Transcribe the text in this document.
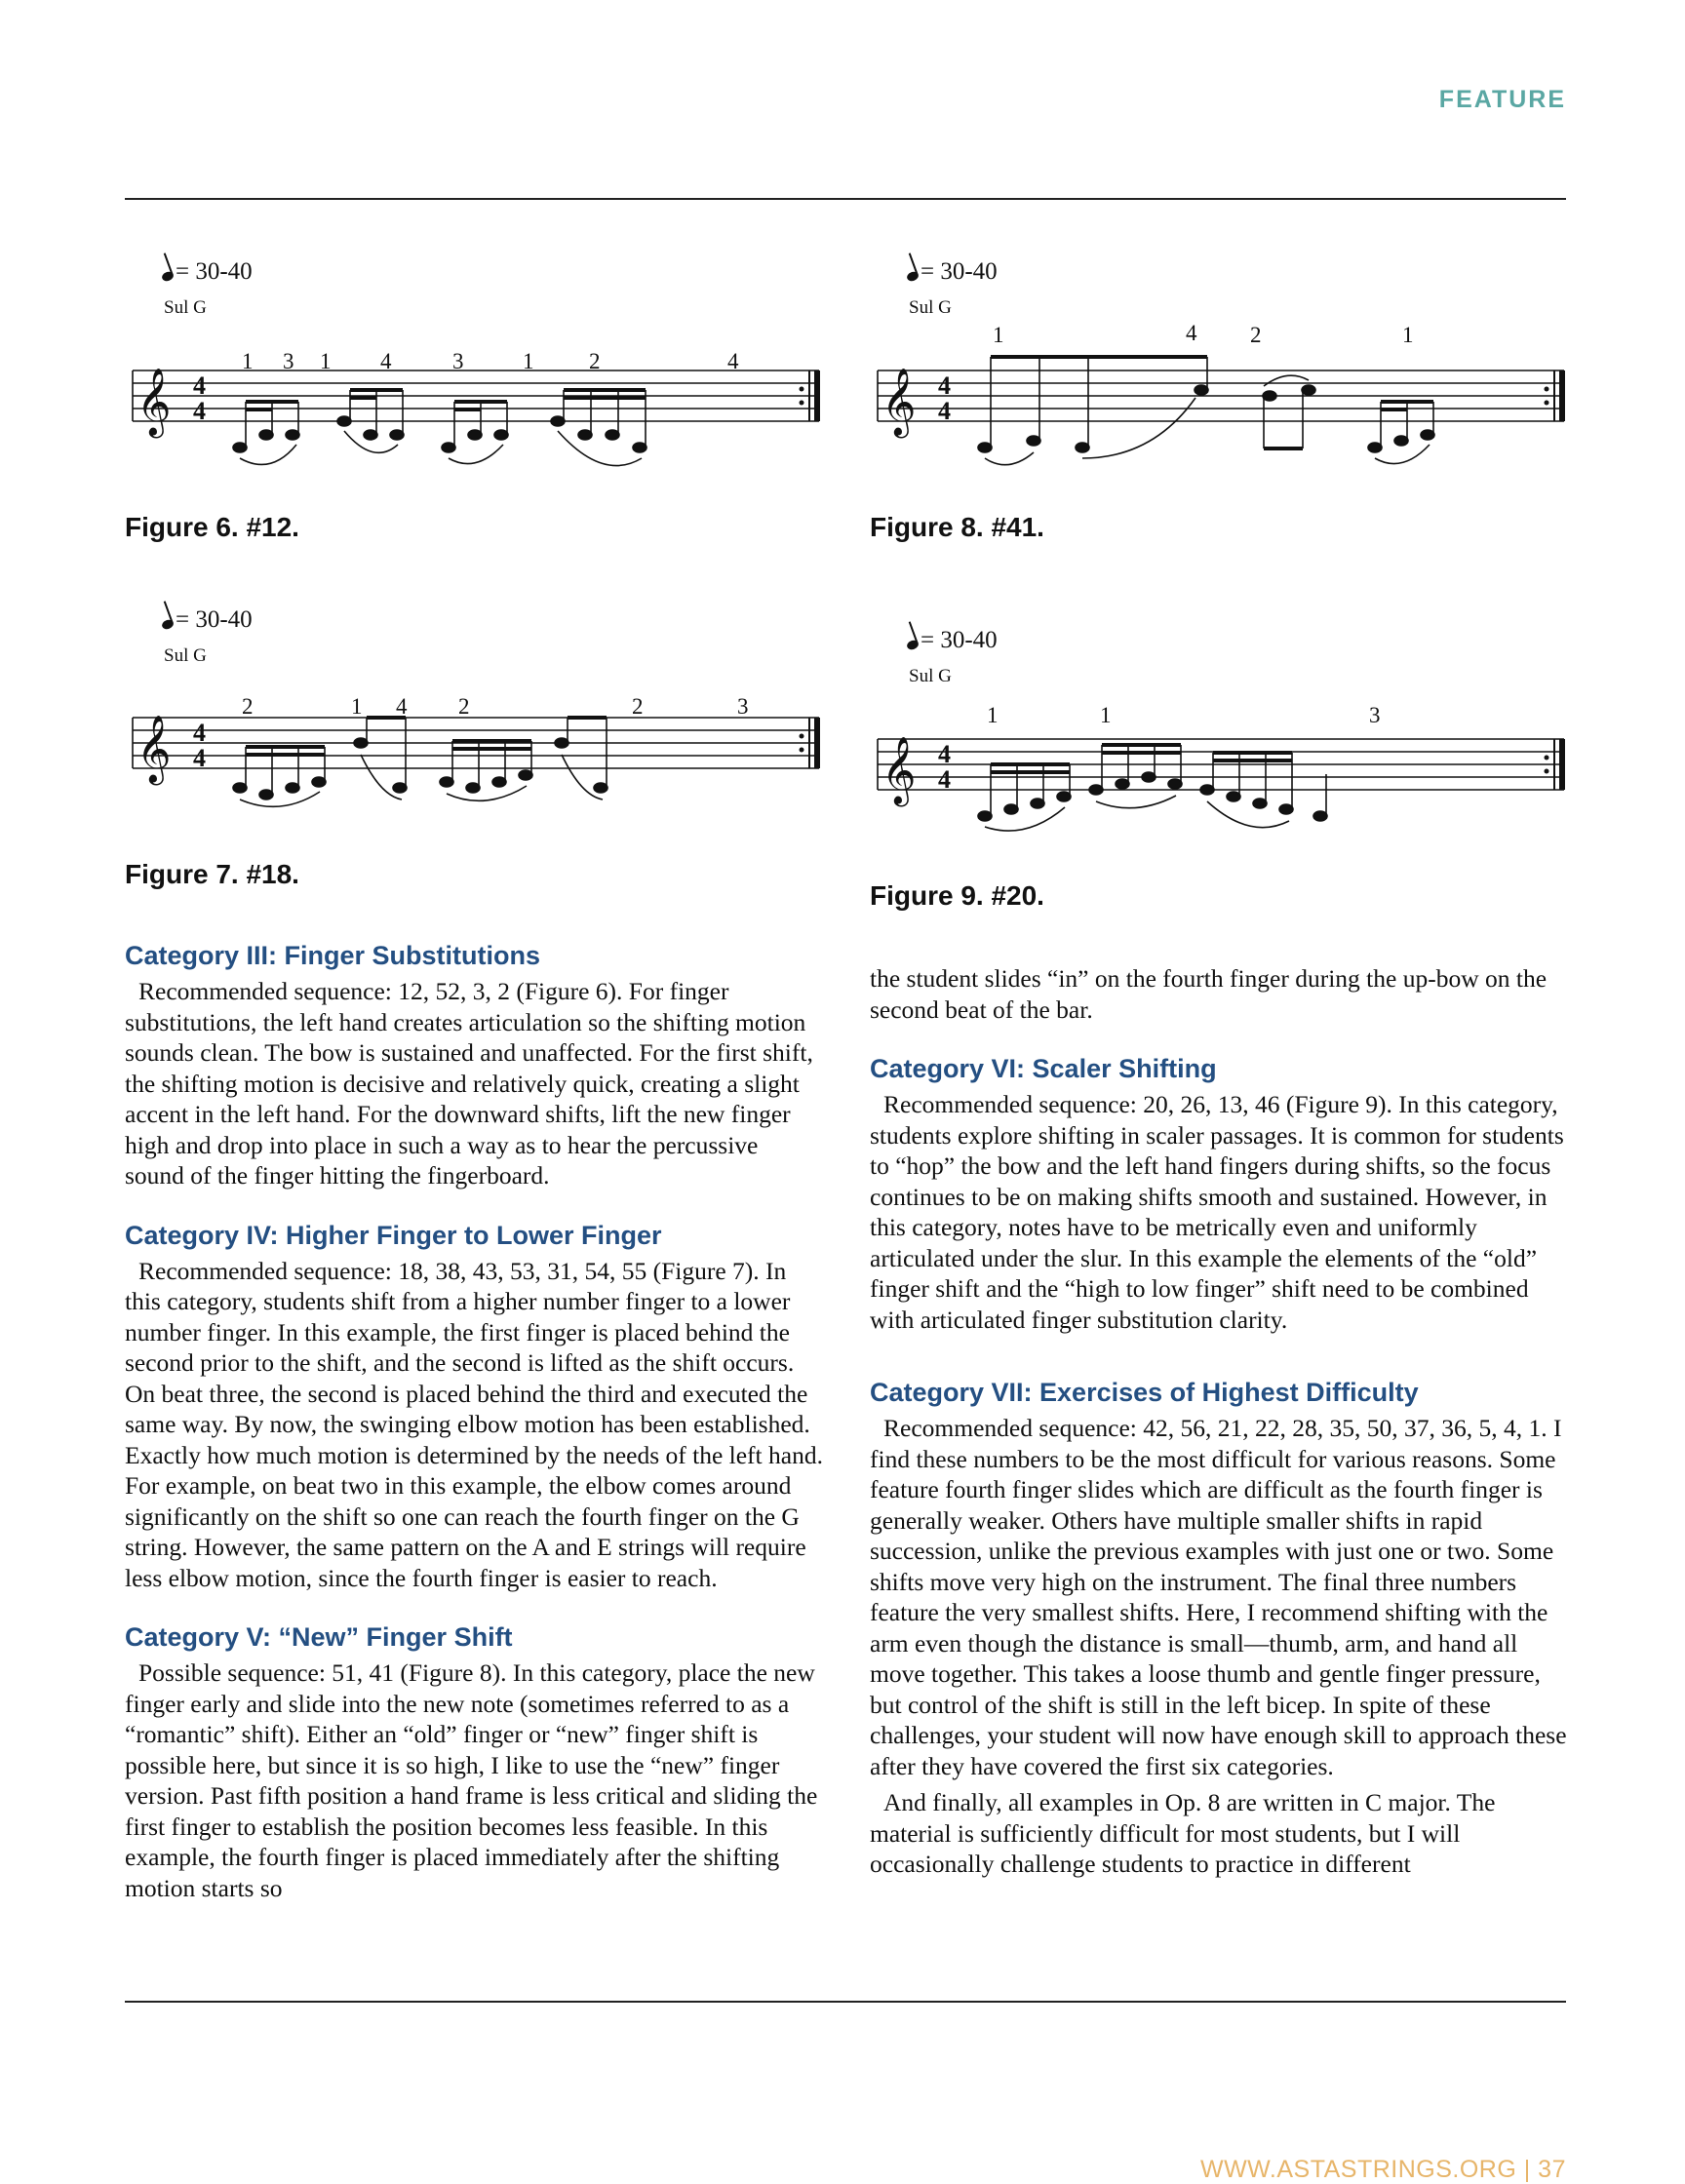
FEATURE
= 30-40
Sul G
1 3 1 4	3	1 2	4
𝄞 4
4
Figure 6. #12.
= 30-40
Sul G
2	1 4 2	2	3
𝄞 4
4
Figure 7. #18.
= 30-40
Sul G
1	4 2	1
𝄞 4
4
Figure 8. #41.
= 30-40
Sul G
1	1	3
𝄞 4
4
Figure 9. #20.
Category III: Finger Substitutions

Recommended sequence: 12, 52, 3, 2 (Figure 6). For finger substitutions, the left hand creates articulation so the shifting motion sounds clean. The bow is sustained and unaffected. For the first shift, the shifting motion is decisive and relatively quick, creating a slight accent in the left hand. For the downward shifts, lift the new finger high and drop into place in such a way as to hear the percussive sound of the finger hitting the fingerboard.

Category IV: Higher Finger to Lower Finger

Recommended sequence: 18, 38, 43, 53, 31, 54, 55 (Figure 7). In this category, students shift from a higher number finger to a lower number finger. In this example, the first finger is placed behind the second prior to the shift, and the second is lifted as the shift occurs. On beat three, the second is placed behind the third and executed the same way. By now, the swinging elbow motion has been established. Exactly how much motion is determined by the needs of the left hand. For example, on beat two in this example, the elbow comes around significantly on the shift so one can reach the fourth finger on the G string. However, the same pattern on the A and E strings will require less elbow motion, since the fourth finger is easier to reach.

Category V: “New” Finger Shift

Possible sequence: 51, 41 (Figure 8). In this category, place the new finger early and slide into the new note (sometimes referred to as a “romantic” shift). Either an “old” finger or “new” finger shift is possible here, but since it is so high, I like to use the “new” finger version. Past fifth position a hand frame is less critical and sliding the first finger to establish the position becomes less feasible. In this example, the fourth finger is placed immediately after the shifting motion starts so

the student slides “in” on the fourth finger during the up-bow on the second beat of the bar.

Category VI: Scaler Shifting

Recommended sequence: 20, 26, 13, 46 (Figure 9). In this category, students explore shifting in scaler passages. It is common for students to “hop” the bow and the left hand fingers during shifts, so the focus continues to be on making shifts smooth and sustained. However, in this category, notes have to be metrically even and uniformly articulated under the slur. In this example the elements of the “old” finger shift and the “high to low finger” shift need to be combined with articulated finger substitution clarity.

Category VII: Exercises of Highest Difficulty

Recommended sequence: 42, 56, 21, 22, 28, 35, 50, 37, 36, 5, 4, 1. I find these numbers to be the most difficult for various reasons. Some feature fourth finger slides which are difficult as the fourth finger is generally weaker. Others have multiple smaller shifts in rapid succession, unlike the previous examples with just one or two. Some shifts move very high on the instrument. The final three numbers feature the very smallest shifts. Here, I recommend shifting with the arm even though the distance is small—thumb, arm, and hand all move together. This takes a loose thumb and gentle finger pressure, but control of the shift is still in the left bicep. In spite of these challenges, your student will now have enough skill to approach these after they have covered the first six categories.

And finally, all examples in Op. 8 are written in C major. The material is sufficiently difficult for most students, but I will occasionally challenge students to practice in different

WWW.ASTASTRINGS.ORG | 37
